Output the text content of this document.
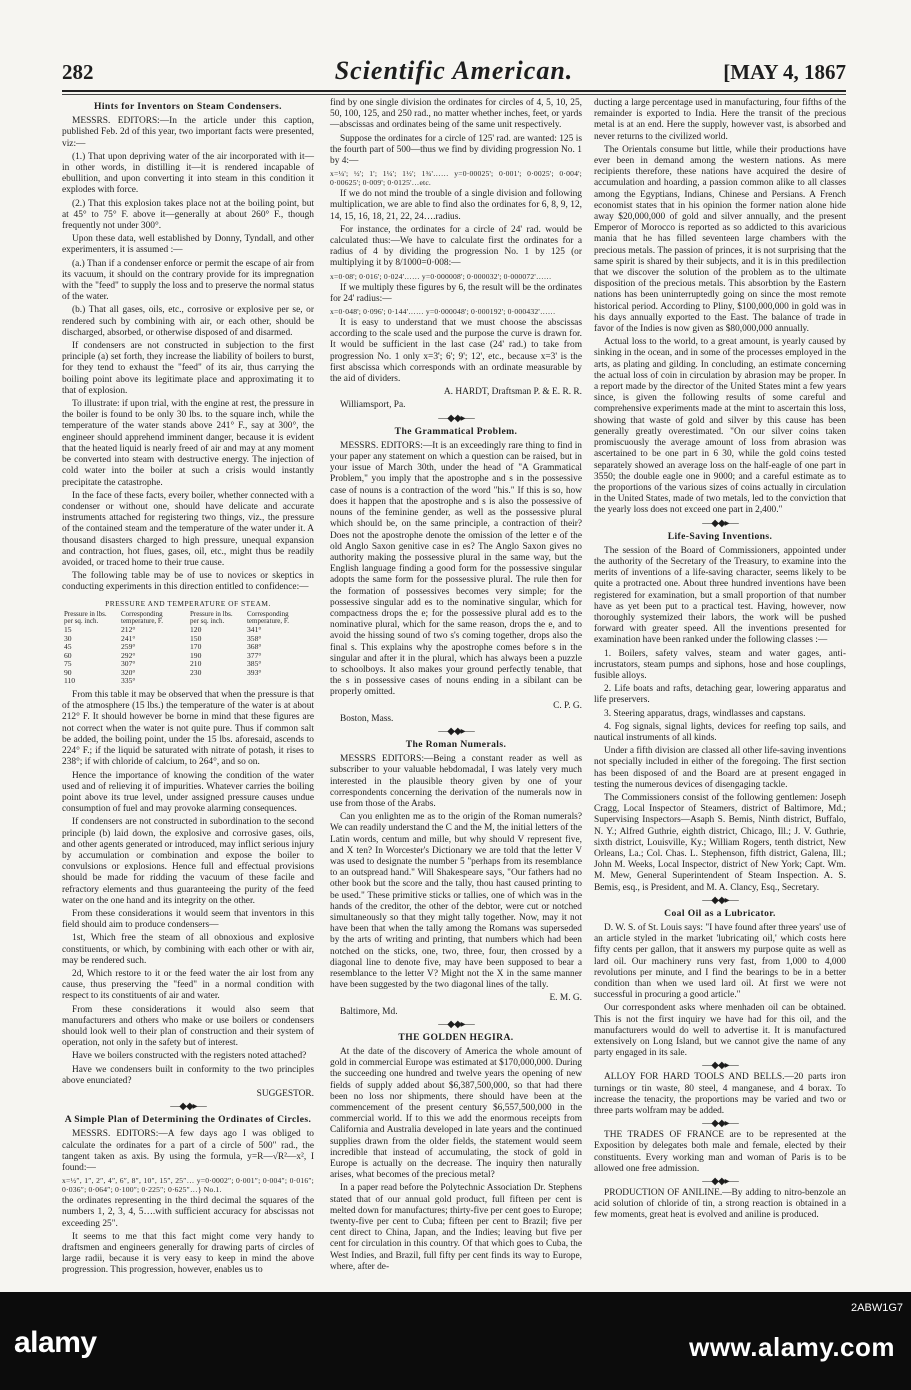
282	Scientific American.	[MAY 4, 1867
Hints for Inventors on Steam Condensers.

MESSRS. EDITORS:—In the article under this caption, published Feb. 2d of this year, two important facts were presented, viz:—

(1.) That upon depriving water of the air incorporated with it—in other words, in distilling it—it is rendered incapable of ebullition, and upon converting it into steam in this condition it explodes with force.

(2.) That this explosion takes place not at the boiling point, but at 45° to 75° F. above it—generally at about 260° F., though frequently not under 300°.

Upon these data, well established by Donny, Tyndall, and other experimenters, it is assumed :—

(a.) Than if a condenser enforce or permit the escape of air from its vacuum, it should on the contrary provide for its impregnation with the "feed" to supply the loss and to preserve the normal status of the water.

(b.) That all gases, oils, etc., corrosive or explosive per se, or rendered such by combining with air, or each other, should be discharged, absorbed, or otherwise disposed of and disarmed.

If condensers are not constructed in subjection to the first principle (a) set forth, they increase the liability of boilers to burst, for they tend to exhaust the "feed" of its air, thus carrying the boiling point above its legitimate place and approximating it to that of explosion.

To illustrate: if upon trial, with the engine at rest, the pressure in the boiler is found to be only 30 lbs. to the square inch, while the temperature of the water stands above 241° F., say at 300°, the engineer should apprehend imminent danger, because it is evident that the heated liquid is nearly freed of air and may at any moment be converted into steam with destructive energy. The injection of cold water into the boiler at such a crisis would instantly precipitate the catastrophe.

In the face of these facts, every boiler, whether connected with a condenser or without one, should have delicate and accurate instruments attached for registering two things, viz., the pressure of the contained steam and the temperature of the water under it. A thousand disasters charged to high pressure, unequal expansion and contraction, hot flues, gases, oil, etc., might thus be readily avoided, or traced home to their true cause.

The following table may be of use to novices or skeptics in conducting experiments in this direction entitled to confidence:—

PRESSURE AND TEMPERATURE OF STEAM.
Pressure in lbs. per sq. inch.	Corresponding temperature, F.	Pressure in lbs. per sq. inch.	Corresponding temperature, F.
15	212°	120	341°
30	241°	150	358°
45	259°	170	368°
60	292°	190	377°
75	307°	210	385°
90	320°	230	393°
110	335°		

From this table it may be observed that when the pressure is that of the atmosphere (15 lbs.) the temperature of the water is at about 212° F. It should however be borne in mind that these figures are not correct when the water is not quite pure. Thus if common salt be added, the boiling point, under the 15 lbs. aforesaid, ascends to 224° F.; if the liquid be saturated with nitrate of potash, it rises to 238°; if with chloride of calcium, to 264°, and so on.

Hence the importance of knowing the condition of the water used and of relieving it of impurities. Whatever carries the boiling point above its true level, under assigned pressure causes undue consumption of fuel and may provoke alarming consequences.

If condensers are not constructed in subordination to the second principle (b) laid down, the explosive and corrosive gases, oils, and other agents generated or introduced, may inflict serious injury by accumulation or combination and expose the boiler to convulsions or explosions. Hence full and effectual provisions should be made for ridding the vacuum of these facile and refractory elements and thus guaranteeing the purity of the feed water on the one hand and its integrity on the other.

From these considerations it would seem that inventors in this field should aim to produce condensers—

1st, Which free the steam of all obnoxious and explosive constituents, or which, by combining with each other or with air, may be rendered such.

2d, Which restore to it or the feed water the air lost from any cause, thus preserving the "feed" in a normal condition with respect to its constituents of air and water.

From these considerations it would also seem that manufacturers and others who make or use boilers or condensers should look well to their plan of construction and their system of operation, not only in the safety but of interest.

Have we boilers constructed with the registers noted attached?

Have we condensers built in conformity to the two principles above enunciated?

SUGGESTOR.

—◆◆▸—
A Simple Plan of Determining the Ordinates of Circles.

MESSRS. EDITORS:—A few days ago I was obliged to calculate the ordinates for a part of a circle of 500" rad., the tangent taken as axis. By using the formula, y=R—√R²—x², I found:—

x=½″, 1″, 2″, 4″, 6″, 8″, 10″, 15″, 25″… y=0·0002″; 0·001″; 0·004″; 0·016″; 0·036″; 0·064″; 0·100″; 0·225″; 0·625″…} No.1.

the ordinates representing in the third decimal the squares of the numbers 1, 2, 3, 4, 5….with sufficient accuracy for abscissas not exceeding 25".

It seems to me that this fact might come very handy to draftsmen and engineers generally for drawing parts of circles of large radii, because it is very easy to keep in mind the above progression. This progression, however, enables us to

find by one single division the ordinates for circles of 4, 5, 10, 25, 50, 100, 125, and 250 rad., no matter whether inches, feet, or yards—abscissas and ordinates being of the same unit respectively.

Suppose the ordinates for a circle of 125' rad. are wanted: 125 is the fourth part of 500—thus we find by dividing progression No. 1 by 4:—

x=¼'; ½'; 1'; 1¼'; 1½'; 1¾'…… y=0·00025'; 0·001'; 0·0025'; 0·004'; 0·00625'; 0·009'; 0·0125'…etc.

If we do not mind the trouble of a single division and following multiplication, we are able to find also the ordinates for 6, 8, 9, 12, 14, 15, 16, 18, 21, 22, 24….radius.

For instance, the ordinates for a circle of 24' rad. would be calculated thus:—We have to calculate first the ordinates for a radius of 4 by dividing the progression No. 1 by 125 (or multiplying it by 8/1000=0·008:—

x=0·08'; 0·016'; 0·024'…… y=0·000008'; 0·000032'; 0·000072'……

If we multiply these figures by 6, the result will be the ordinates for 24' radius:—

x=0·048'; 0·096'; 0·144'…… y=0·000048'; 0·000192'; 0·000432'……

It is easy to understand that we must choose the abscissas according to the scale used and the purpose the curve is drawn for. It would be sufficient in the last case (24' rad.) to take from progression No. 1 only x=3'; 6'; 9'; 12', etc., because x=3' is the first abscissa which corresponds with an ordinate measurable by the aid of dividers.

A. HARDT, Draftsman P. & E. R. R.

Williamsport, Pa.

—◆◆▸—
The Grammatical Problem.

MESSRS. EDITORS:—It is an exceedingly rare thing to find in your paper any statement on which a question can be raised, but in your issue of March 30th, under the head of "A Grammatical Problem," you imply that the apostrophe and s in the possessive case of nouns is a contraction of the word "his." If this is so, how does it happen that the apostrophe and s is also the possessive of nouns of the feminine gender, as well as the possessive plural which should be, on the same principle, a contraction of their? Does not the apostrophe denote the omission of the letter e of the old Anglo Saxon genitive case in es? The Anglo Saxon gives no authority making the possessive plural in the same way, but the English language finding a good form for the possessive singular adopts the same form for the possessive plural. The rule then for the formation of possessives becomes very simple; for the possessive singular add es to the nominative singular, which for compactness drops the e; for the possessive plural add es to the nominative plural, which for the same reason, drops the e, and to avoid the hissing sound of two s's coming together, drops also the final s. This explains why the apostrophe comes before s in the singular and after it in the plural, which has always been a puzzle to schoolboys. It also makes your ground perfectly tenable, that the s in possessive cases of nouns ending in a sibilant can be properly omitted.

C. P. G.

Boston, Mass.

—◆◆▸—
The Roman Numerals.

MESSRS EDITORS:—Being a constant reader as well as subscriber to your valuable hebdomadal, I was lately very much interested in the plausible theory given by one of your correspondents concerning the derivation of the numerals now in use from those of the Arabs.

Can you enlighten me as to the origin of the Roman numerals? We can readily understand the C and the M, the initial letters of the Latin words, centum and mille, but why should V represent five, and X ten? In Worcester's Dictionary we are told that the letter V was used to designate the number 5 "perhaps from its resemblance to an outspread hand." Will Shakespeare says, "Our fathers had no other book but the score and the tally, thou hast caused printing to be used." These primitive sticks or tallies, one of which was in the hands of the creditor, the other of the debtor, were cut or notched simultaneously so that they might tally together. Now, may it not have been that when the tally among the Romans was superseded by the arts of writing and printing, that numbers which had been notched on the sticks, one, two, three, four, then crossed by a diagonal line to denote five, may have been supposed to bear a resemblance to the letter V? Might not the X in the same manner have been suggested by the two diagonal lines of the tally.

E. M. G.

Baltimore, Md.

—◆◆▸—
THE GOLDEN HEGIRA.

At the date of the discovery of America the whole amount of gold in commercial Europe was estimated at $170,000,000. During the succeeding one hundred and twelve years the opening of new fields of supply added about $6,387,500,000, so that had there been no loss nor shipments, there should have been at the commencement of the present century $6,557,500,000 in the commercial world. If to this we add the enormous receipts from California and Australia developed in late years and the continued supplies drawn from the older fields, the statement would seem incredible that instead of accumulating, the stock of gold in Europe is actually on the decrease. The inquiry then naturally arises, what becomes of the precious metal?

In a paper read before the Polytechnic Association Dr. Stephens stated that of our annual gold product, full fifteen per cent is melted down for manufactures; thirty-five per cent goes to Europe; twenty-five per cent to Cuba; fifteen per cent to Brazil; five per cent direct to China, Japan, and the Indies; leaving but five per cent for circulation in this country. Of that which goes to Cuba, the West Indies, and Brazil, full fifty per cent finds its way to Europe, where, after de-

ducting a large percentage used in manufacturing, four fifths of the remainder is exported to India. Here the transit of the precious metal is at an end. Here the supply, however vast, is absorbed and never returns to the civilized world.

The Orientals consume but little, while their productions have ever been in demand among the western nations. As mere recipients therefore, these nations have acquired the desire of accumulation and hoarding, a passion common alike to all classes among the Egyptians, Indians, Chinese and Persians. A French economist states that in his opinion the former nation alone hide away $20,000,000 of gold and silver annually, and the present Emperor of Morocco is reported as so addicted to this avaricious mania that he has filled seventeen large chambers with the precious metals. The passion of princes, it is not surprising that the same spirit is shared by their subjects, and it is in this predilection that we discover the solution of the problem as to the ultimate disposition of the precious metals. This absorbtion by the Eastern nations has been uninterruptedly going on since the most remote historical period. According to Pliny, $100,000,000 in gold was in his days annually exported to the East. The balance of trade in favor of the Indies is now given as $80,000,000 annually.

Actual loss to the world, to a great amount, is yearly caused by sinking in the ocean, and in some of the processes employed in the arts, as plating and gilding. In concluding, an estimate concerning the actual loss of coin in circulation by abrasion may be proper. In a report made by the director of the United States mint a few years since, is given the following results of some careful and comprehensive experiments made at the mint to ascertain this loss, showing that waste of gold and silver by this cause has been generally greatly overestimated. "On our silver coins taken promiscuously the average amount of loss from abrasion was ascertained to be one part in 6 30, while the gold coins tested separately showed an average loss on the half-eagle of one part in 3550; the double eagle one in 9000; and a careful estimate as to the proportions of the various sizes of coins actually in circulation in the United States, made of two metals, led to the conviction that the yearly loss does not exceed one part in 2,400."

—◆◆▸—
Life-Saving Inventions.

The session of the Board of Commissioners, appointed under the authority of the Secretary of the Treasury, to examine into the merits of inventions of a life-saving character, seems likely to be quite a protracted one. About three hundred inventions have been registered for examination, but a small proportion of that number have as yet been put to a practical test. Having, however, now thoroughly systemized their labors, the work will be pushed forward with greater speed. All the inventions presented for examination have been ranked under the following classes :—

1. Boilers, safety valves, steam and water gages, anti-incrustators, steam pumps and siphons, hose and hose couplings, fusible alloys.

2. Life boats and rafts, detaching gear, lowering apparatus and life preservers.

3. Steering apparatus, drags, windlasses and capstans.

4. Fog signals, signal lights, devices for reefing top sails, and nautical instruments of all kinds.

Under a fifth division are classed all other life-saving inventions not specially included in either of the foregoing. The first section has been disposed of and the Board are at present engaged in testing the numerous devices of disengaging tackle.

The Commissioners consist of the following gentlemen: Joseph Cragg, Local Inspector of Steamers, district of Baltimore, Md.; Supervising Inspectors—Asaph S. Bemis, Ninth district, Buffalo, N. Y.; Alfred Guthrie, eighth district, Chicago, Ill.; J. V. Guthrie, sixth district, Louisville, Ky.; William Rogers, tenth district, New Orleans, La.; Col. Chas. L. Stephenson, fifth district, Galena, Ill.; John M. Weeks, Local Inspector, district of New York; Capt. Wm. M. Mew, General Superintendent of Steam Inspection. A. S. Bemis, esq., is President, and M. A. Clancy, Esq., Secretary.

—◆◆▸—
Coal Oil as a Lubricator.

D. W. S. of St. Louis says: "I have found after three years' use of an article styled in the market 'lubricating oil,' which costs here fifty cents per gallon, that it answers my purpose quite as well as lard oil. Our machinery runs very fast, from 1,000 to 4,000 revolutions per minute, and I find the bearings to be in a better condition than when we used lard oil. At first we were not successful in procuring a good article."

Our correspondent asks where menhaden oil can be obtained. This is not the first inquiry we have had for this oil, and the manufacturers would do well to advertise it. It is manufactured extensively on Long Island, but we cannot give the name of any party engaged in its sale.

—◆◆▸—

ALLOY FOR HARD TOOLS AND BELLS.—20 parts iron turnings or tin waste, 80 steel, 4 manganese, and 4 borax. To increase the tenacity, the proportions may be varied and two or three parts wolfram may be added.

—◆◆▸—

THE TRADES OF FRANCE are to be represented at the Exposition by delegates both male and female, elected by their constituents. Every working man and woman of Paris is to be allowed one free admission.

—◆◆▸—

PRODUCTION OF ANILINE.—By adding to nitro-benzole an acid solution of chloride of tin, a strong reaction is obtained in a few moments, great heat is evolved and aniline is produced.

2ABW1G7
alamy	www.alamy.com
